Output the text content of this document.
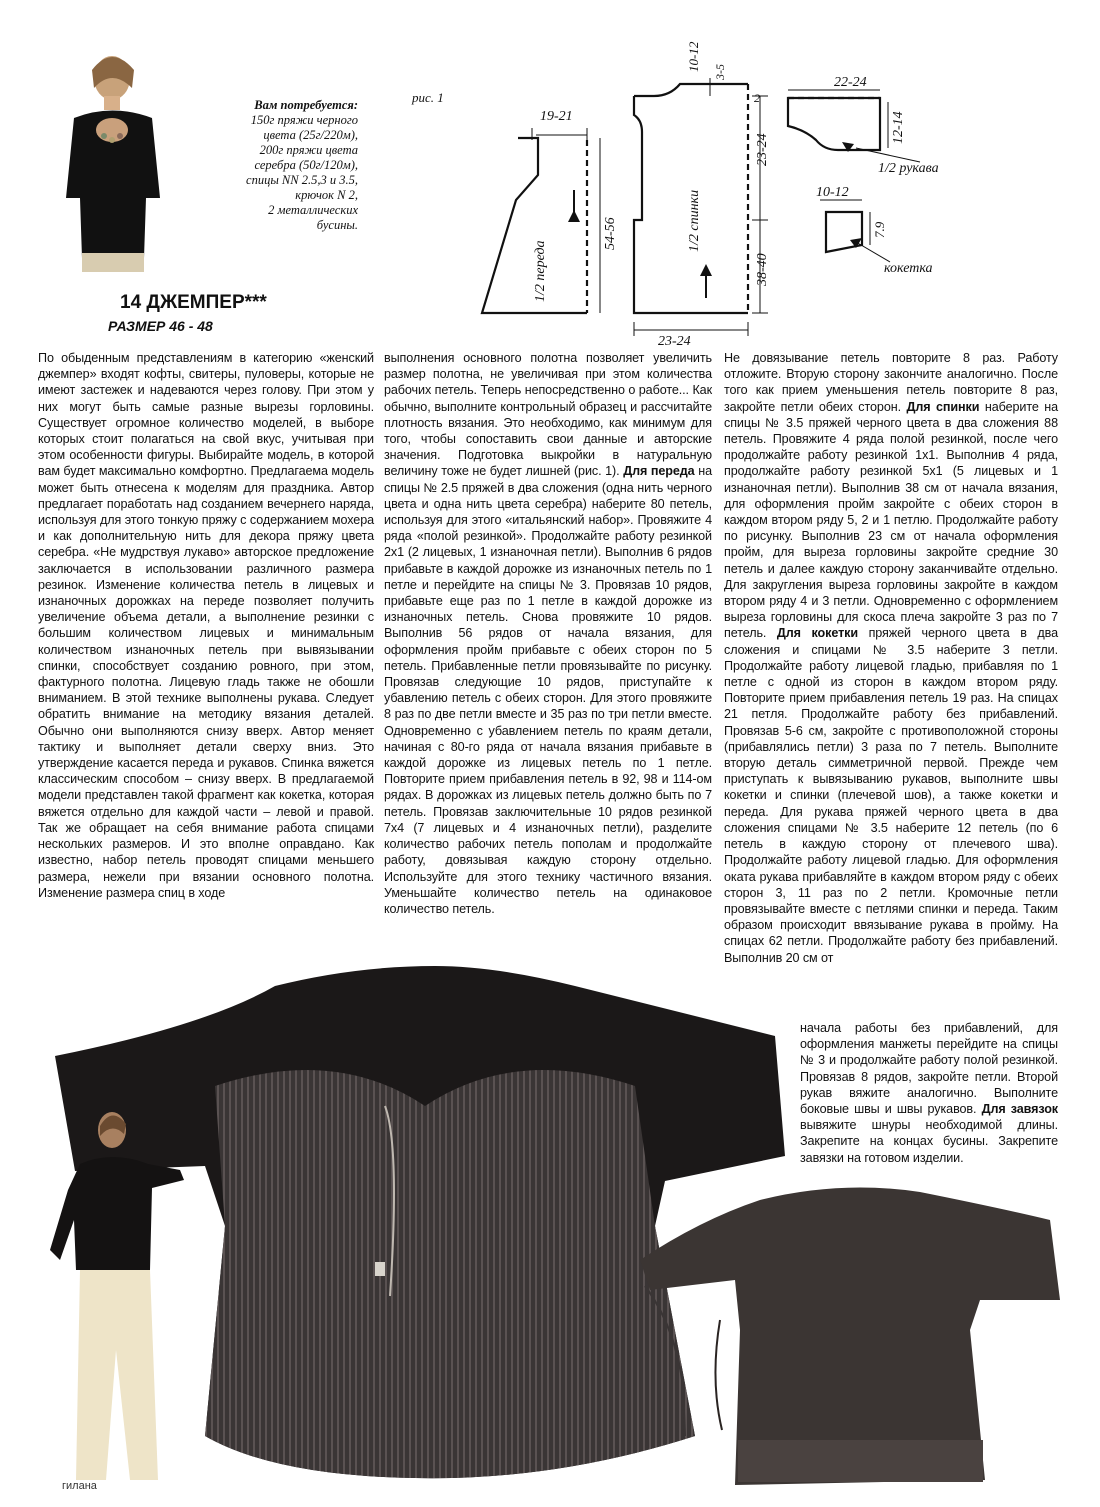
Вам потребуется:
150г пряжи черного
цвета (25г/220м),
200г пряжи цвета
серебра (50г/120м),
спицы NN 2.5,3 и 3.5,
крючок N 2,
2 металлических
бусины.
14 ДЖЕМПЕР***
РАЗМЕР 46 - 48
рис. 1
19-21
54-56
1/2 переда
1/2 спинки
10-12 3-5
2
23-24
38-40
23-24
22-24
12-14
1/2 рукава
10-12
7.9
кокетка

По обыденным представлениям в категорию «женский джемпер» входят кофты, свитеры, пуловеры, которые не имеют застежек и надеваются через голову. При этом у них могут быть самые разные вырезы горловины. Существует огромное количество моделей, в выборе которых стоит полагаться на свой вкус, учитывая при этом особенности фигуры. Выбирайте модель, в которой вам будет максимально комфортно. Предлагаема модель может быть отнесена к моделям для праздника. Автор предлагает поработать над созданием вечернего наряда, используя для этого тонкую пряжу с содержанием мохера и как дополнительную нить для декора пряжу цвета серебра. «Не мудрствуя лукаво» авторское предложение заключается в использовании различного размера резинок. Изменение количества петель в лицевых и изнаночных дорожках на переде позволяет получить увеличение объема детали, а выполнение резинки с большим количеством лицевых и минимальным количеством изнаночных петель при вывязывании спинки, способствует созданию ровного, при этом, фактурного полотна. Лицевую гладь также не обошли вниманием. В этой технике выполнены рукава. Следует обратить внимание на методику вязания деталей. Обычно они выполняются снизу вверх. Автор меняет тактику и выполняет детали сверху вниз. Это утверждение касается переда и рукавов. Спинка вяжется классическим способом – снизу вверх. В предлагаемой модели представлен такой фрагмент как кокетка, которая вяжется отдельно для каждой части – левой и правой. Так же обращает на себя внимание работа спицами нескольких размеров. И это вполне оправдано. Как известно, набор петель проводят спицами меньшего размера, нежели при вязании основного полотна. Изменение размера спиц в ходе

выполнения основного полотна позволяет увеличить размер полотна, не увеличивая при этом количества рабочих петель. Теперь непосредственно о работе... Как обычно, выполните контрольный образец и рассчитайте плотность вязания. Это необходимо, как минимум для того, чтобы сопоставить свои данные и авторские значения. Подготовка выкройки в натуральную величину тоже не будет лишней (рис. 1). Для переда на спицы № 2.5 пряжей в два сложения (одна нить черного цвета и одна нить цвета серебра) наберите 80 петель, используя для этого «итальянский набор». Провяжите 4 ряда «полой резинкой». Продолжайте работу резинкой 2х1 (2 лицевых, 1 изнаночная петли). Выполнив 6 рядов прибавьте в каждой дорожке из изнаночных петель по 1 петле и перейдите на спицы № 3. Провязав 10 рядов, прибавьте еще раз по 1 петле в каждой дорожке из изнаночных петель. Снова провяжите 10 рядов. Выполнив 56 рядов от начала вязания, для оформления пройм прибавьте с обеих сторон по 5 петель. Прибавленные петли провязывайте по рисунку. Провязав следующие 10 рядов, приступайте к убавлению петель с обеих сторон. Для этого провяжите 8 раз по две петли вместе и 35 раз по три петли вместе. Одновременно с убавлением петель по краям детали, начиная с 80-го ряда от начала вязания прибавьте в каждой дорожке из лицевых петель по 1 петле. Повторите прием прибавления петель в 92, 98 и 114-ом рядах. В дорожках из лицевых петель должно быть по 7 петель. Провязав заключительные 10 рядов резинкой 7х4 (7 лицевых и 4 изнаночных петли), разделите количество рабочих петель пополам и продолжайте работу, довязывая каждую сторону отдельно. Используйте для этого технику частичного вязания. Уменьшайте количество петель на одинаковое количество петель.

Не довязывание петель повторите 8 раз. Работу отложите. Вторую сторону закончите аналогично. После того как прием уменьшения петель повторите 8 раз, закройте петли обеих сторон. Для спинки наберите на спицы № 3.5 пряжей черного цвета в два сложения 88 петель. Провяжите 4 ряда полой резинкой, после чего продолжайте работу резинкой 1х1. Выполнив 4 ряда, продолжайте работу резинкой 5х1 (5 лицевых и 1 изнаночная петли). Выполнив 38 см от начала вязания, для оформления пройм закройте с обеих сторон в каждом втором ряду 5, 2 и 1 петлю. Продолжайте работу по рисунку. Выполнив 23 см от начала оформления пройм, для выреза горловины закройте средние 30 петель и далее каждую сторону заканчивайте отдельно. Для закругления выреза горловины закройте в каждом втором ряду 4 и 3 петли. Одновременно с оформлением выреза горловины для скоса плеча закройте 3 раз по 7 петель. Для кокетки пряжей черного цвета в два сложения и спицами № 3.5 наберите 3 петли. Продолжайте работу лицевой гладью, прибавляя по 1 петле с одной из сторон в каждом втором ряду. Повторите прием прибавления петель 19 раз. На спицах 21 петля. Продолжайте работу без прибавлений. Провязав 5-6 см, закройте с противоположной стороны (прибавлялись петли) 3 раза по 7 петель. Выполните вторую деталь симметричной первой. Прежде чем приступать к вывязыванию рукавов, выполните швы кокетки и спинки (плечевой шов), а также кокетки и переда. Для рукава пряжей черного цвета в два сложения спицами № 3.5 наберите 12 петель (по 6 петель в каждую сторону от плечевого шва). Продолжайте работу лицевой гладью. Для оформления оката рукава прибавляйте в каждом втором ряду с обеих сторон 3, 11 раз по 2 петли. Кромочные петли провязывайте вместе с петлями спинки и переда. Таким образом происходит ввязывание рукава в пройму. На спицах 62 петли. Продолжайте работу без прибавлений. Выполнив 20 см от

начала работы без прибавлений, для оформления манжеты перейдите на спицы № 3 и продолжайте работу полой резинкой. Провязав 8 рядов, закройте петли. Второй рукав вяжите аналогично. Выполните боковые швы и швы рукавов. Для завязок вывяжите шнуры необходимой длины. Закрепите на концах бусины. Закрепите завязки на готовом изделии.

гилана
